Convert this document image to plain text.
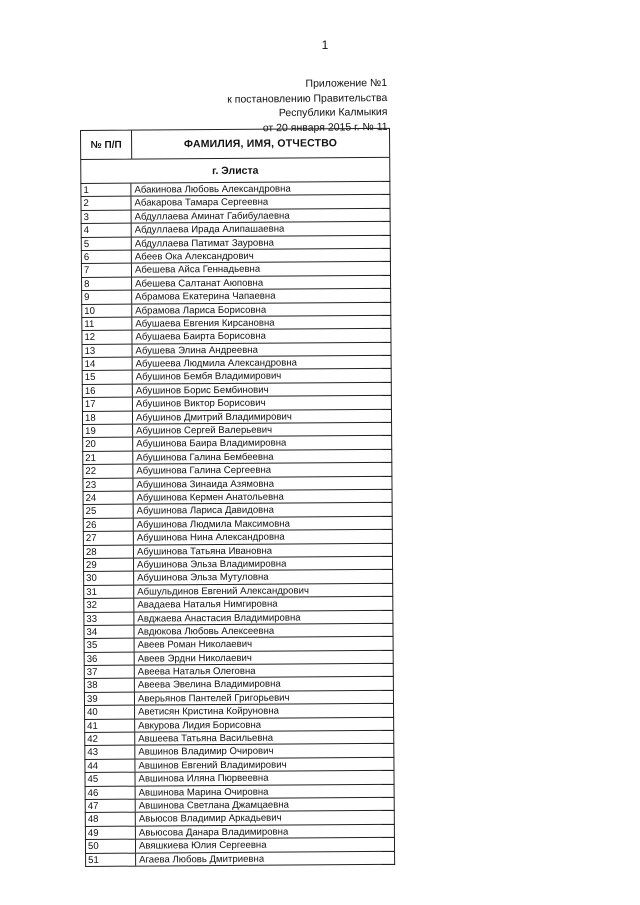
1
Приложение №1
к постановлению Правительства
Республики Калмыкия
от 20 января 2015 г. № 11
№ П/П	ФАМИЛИЯ, ИМЯ, ОТЧЕСТВО
г. Элиста
1	Абакинова Любовь Александровна
2	Абакарова Тамара Сергеевна
3	Абдуллаева Аминат Габибулаевна
4	Абдуллаева Ирада Алипашаевна
5	Абдуллаева Патимат Зауровна
6	Абеев Ока Александрович
7	Абешева Айса Геннадьевна
8	Абешева Салтанат Аюповна
9	Абрамова Екатерина Чапаевна
10	Абрамова Лариса Борисовна
11	Абушаева Евгения Кирсановна
12	Абушаева Баирта Борисовна
13	Абушева Элина Андреевна
14	Абушеева Людмила Александровна
15	Абушинов Бембя Владимирович
16	Абушинов Борис Бембинович
17	Абушинов Виктор Борисович
18	Абушинов Дмитрий Владимирович
19	Абушинов Сергей Валерьевич
20	Абушинова Баира Владимировна
21	Абушинова Галина Бембеевна
22	Абушинова Галина Сергеевна
23	Абушинова Зинаида Азямовна
24	Абушинова Кермен Анатольевна
25	Абушинова Лариса Давидовна
26	Абушинова Людмила Максимовна
27	Абушинова Нина Александровна
28	Абушинова Татьяна Ивановна
29	Абушинова Эльза Владимировна
30	Абушинова Эльза Мутуловна
31	Абшульдинов Евгений Александрович
32	Авадаева Наталья Нимгировна
33	Авджаева Анастасия Владимировна
34	Авдюкова Любовь Алексеевна
35	Авеев Роман Николаевич
36	Авеев Эрдни Николаевич
37	Авеева Наталья Олеговна
38	Авеева Эвелина Владимировна
39	Аверьянов Пантелей Григорьевич
40	Аветисян Кристина Койруновна
41	Авкурова Лидия Борисовна
42	Авшеева Татьяна Васильевна
43	Авшинов Владимир Очирович
44	Авшинов Евгений Владимирович
45	Авшинова Иляна Пюрвеевна
46	Авшинова Марина Очировна
47	Авшинова Светлана Джамцаевна
48	Авьюсов Владимир Аркадьевич
49	Авьюсова Данара Владимировна
50	Авяшкиева Юлия Сергеевна
51	Агаева Любовь Дмитриевна
